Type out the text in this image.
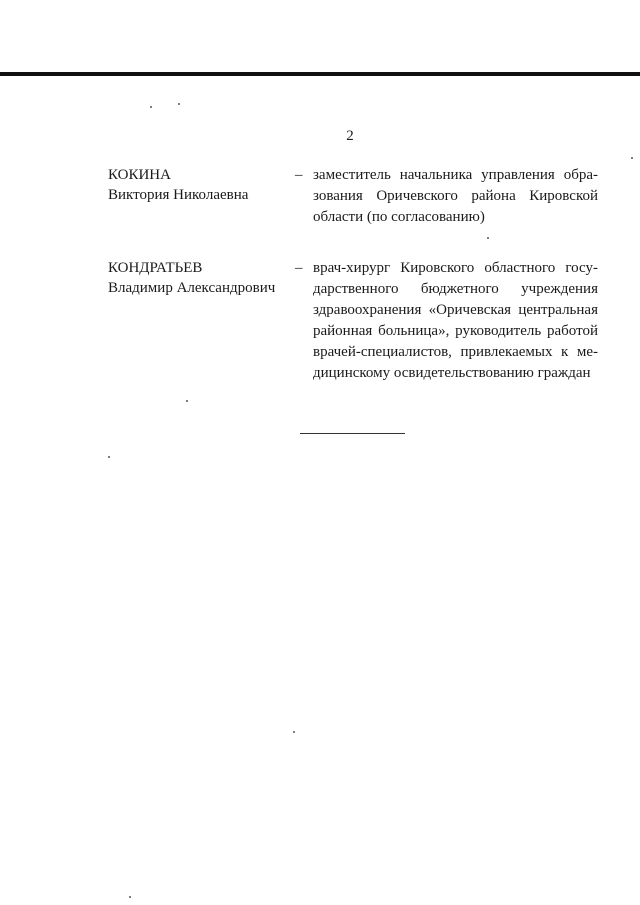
2
КОКИНА
Виктория Николаевна
– заместитель начальника управления обра-
зования Оричевского района Кировской
области (по согласованию)
КОНДРАТЬЕВ
Владимир Александрович
– врач-хирург Кировского областного госу-
дарственного бюджетного учреждения
здравоохранения «Оричевская центральная
районная больница», руководитель работой
врачей-специалистов, привлекаемых к ме-
дицинскому освидетельствованию граждан
